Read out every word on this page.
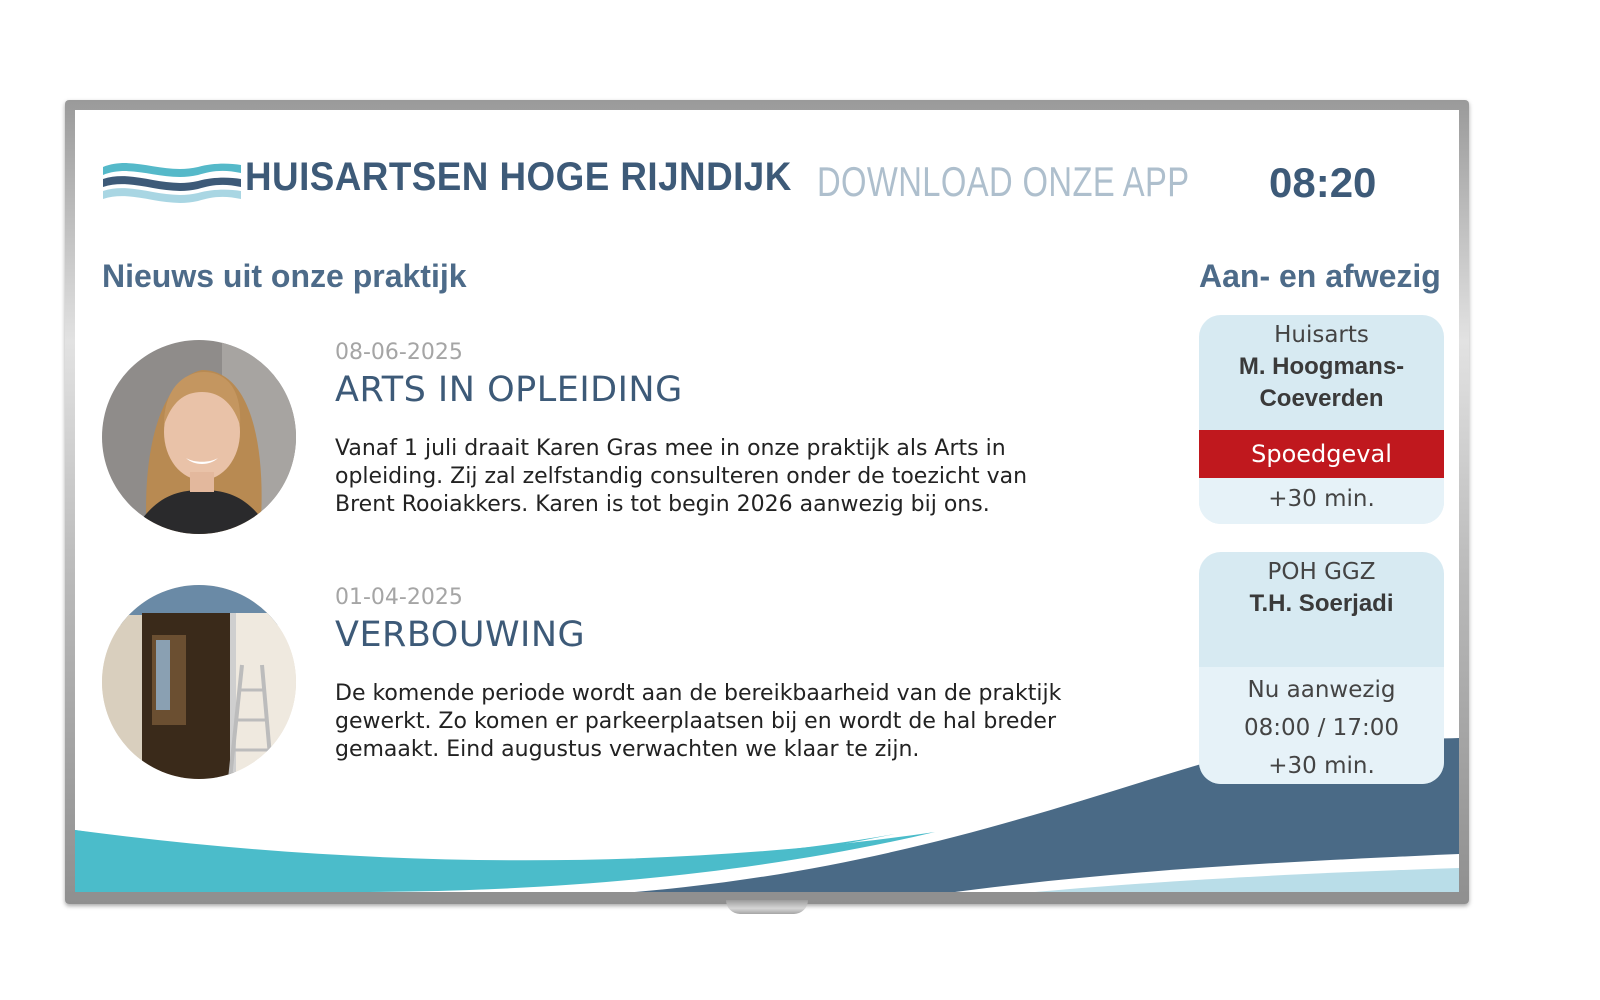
HUISARTSEN HOGE RIJNDIJK DOWNLOAD ONZE APP 08:20
Nieuws uit onze praktijk
08-06-2025
ARTS IN OPLEIDING

Vanaf 1 juli draait Karen Gras mee in onze praktijk als Arts in opleiding. Zij zal zelfstandig consulteren onder de toezicht van Brent Rooiakkers. Karen is tot begin 2026 aanwezig bij ons.

01-04-2025
VERBOUWING

De komende periode wordt aan de bereikbaarheid van de praktijk gewerkt. Zo komen er parkeerplaatsen bij en wordt de hal breder gemaakt. Eind augustus verwachten we klaar te zijn.

Aan- en afwezig
Huisarts
M. Hoogmans-
Coeverden
Spoedgeval
+30 min.
POH GGZ
T.H. Soerjadi
Nu aanwezig
08:00 / 17:00
+30 min.
